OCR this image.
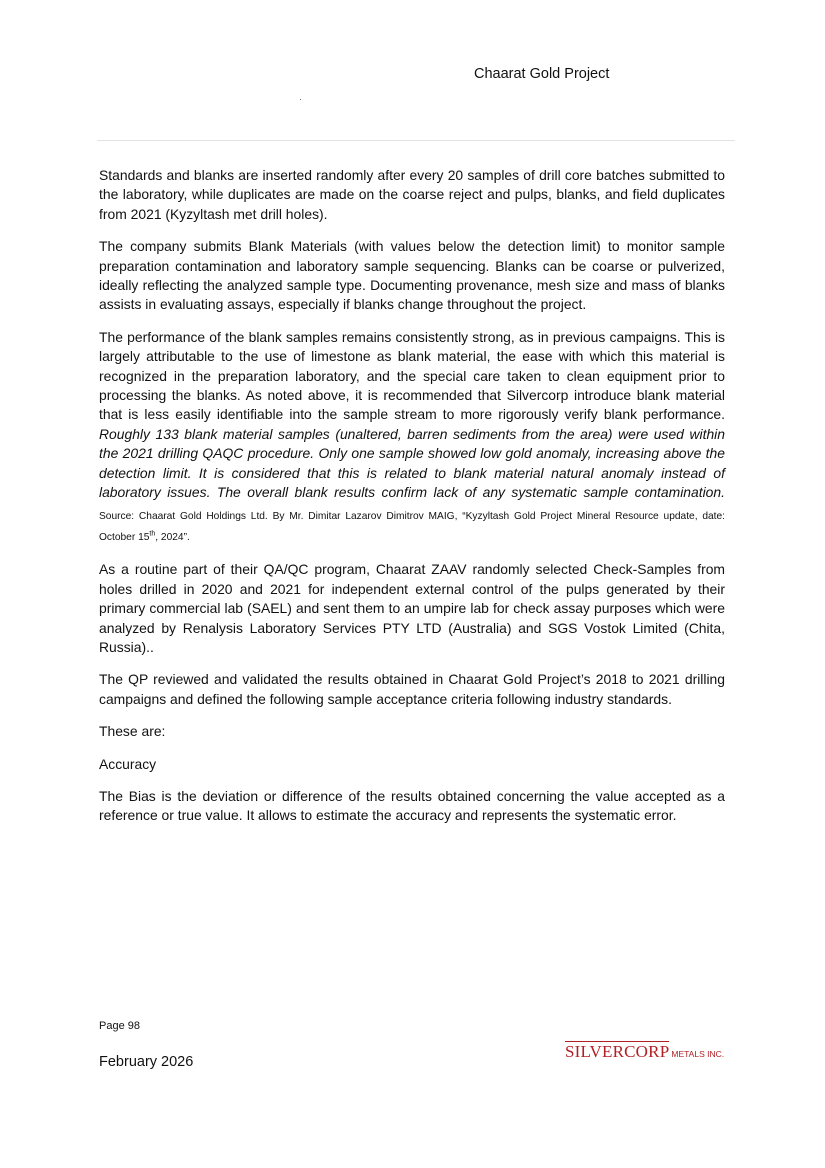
Chaarat Gold Project

Standards and blanks are inserted randomly after every 20 samples of drill core batches submitted to the laboratory, while duplicates are made on the coarse reject and pulps, blanks, and field duplicates from 2021 (Kyzyltash met drill holes).

The company submits Blank Materials (with values below the detection limit) to monitor sample preparation contamination and laboratory sample sequencing. Blanks can be coarse or pulverized, ideally reflecting the analyzed sample type. Documenting provenance, mesh size and mass of blanks assists in evaluating assays, especially if blanks change throughout the project.

The performance of the blank samples remains consistently strong, as in previous campaigns. This is largely attributable to the use of limestone as blank material, the ease with which this material is recognized in the preparation laboratory, and the special care taken to clean equipment prior to processing the blanks. As noted above, it is recommended that Silvercorp introduce blank material that is less easily identifiable into the sample stream to more rigorously verify blank performance. Roughly 133 blank material samples (unaltered, barren sediments from the area) were used within the 2021 drilling QAQC procedure. Only one sample showed low gold anomaly, increasing above the detection limit. It is considered that this is related to blank material natural anomaly instead of laboratory issues. The overall blank results confirm lack of any systematic sample contamination. Source: Chaarat Gold Holdings Ltd. By Mr. Dimitar Lazarov Dimitrov MAIG, “Kyzyltash Gold Project Mineral Resource update, date: October 15th, 2024”.

As a routine part of their QA/QC program, Chaarat ZAAV randomly selected Check-Samples from holes drilled in 2020 and 2021 for independent external control of the pulps generated by their primary commercial lab (SAEL) and sent them to an umpire lab for check assay purposes which were analyzed by Renalysis Laboratory Services PTY LTD (Australia) and SGS Vostok Limited (Chita, Russia)..

The QP reviewed and validated the results obtained in Chaarat Gold Project’s 2018 to 2021 drilling campaigns and defined the following sample acceptance criteria following industry standards.

These are:

Accuracy

The Bias is the deviation or difference of the results obtained concerning the value accepted as a reference or true value. It allows to estimate the accuracy and represents the systematic error.

Page 98
February 2026
SILVERCORP METALS INC.
